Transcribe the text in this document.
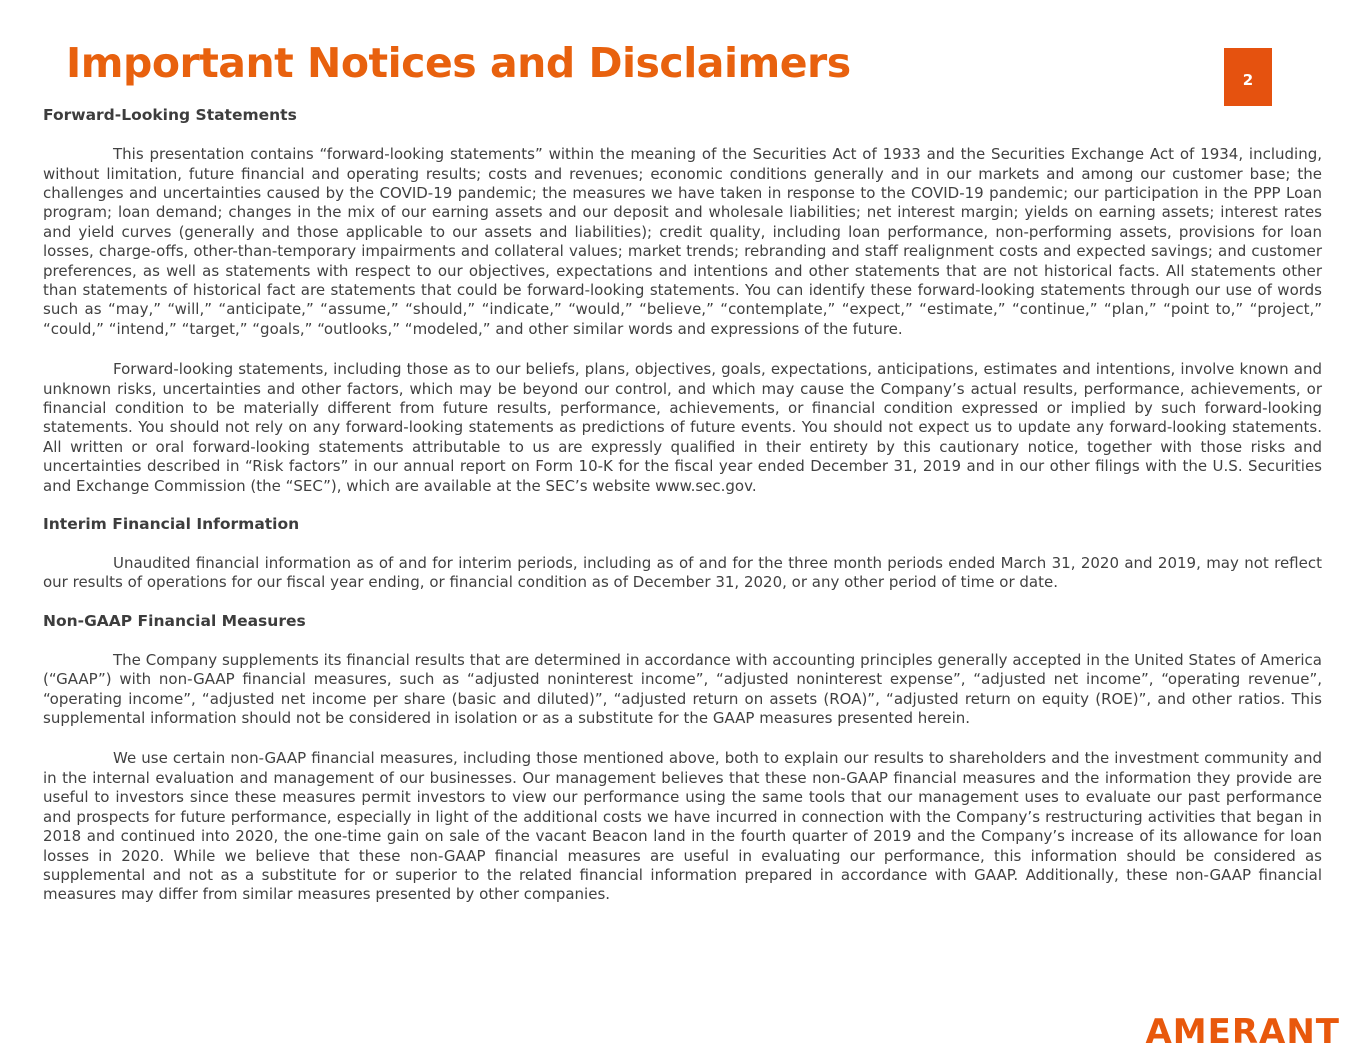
2
Important Notices and Disclaimers
Forward-Looking Statements

This presentation contains “forward-looking statements” within the meaning of the Securities Act of 1933 and the Securities Exchange Act of 1934, including, without limitation, future financial and operating results; costs and revenues; economic conditions generally and in our markets and among our customer base; the challenges and uncertainties caused by the COVID-19 pandemic; the measures we have taken in response to the COVID-19 pandemic; our participation in the PPP Loan program; loan demand; changes in the mix of our earning assets and our deposit and wholesale liabilities; net interest margin; yields on earning assets; interest rates and yield curves (generally and those applicable to our assets and liabilities); credit quality, including loan performance, non-performing assets, provisions for loan losses, charge-offs, other-than-temporary impairments and collateral values; market trends; rebranding and staff realignment costs and expected savings; and customer preferences, as well as statements with respect to our objectives, expectations and intentions and other statements that are not historical facts. All statements other than statements of historical fact are statements that could be forward-looking statements. You can identify these forward-looking statements through our use of words such as “may,” “will,” “anticipate,” “assume,” “should,” “indicate,” “would,” “believe,” “contemplate,” “expect,” “estimate,” “continue,” “plan,” “point to,” “project,” “could,” “intend,” “target,” “goals,” “outlooks,” “modeled,” and other similar words and expressions of the future.

Forward-looking statements, including those as to our beliefs, plans, objectives, goals, expectations, anticipations, estimates and intentions, involve known and unknown risks, uncertainties and other factors, which may be beyond our control, and which may cause the Company’s actual results, performance, achievements, or financial condition to be materially different from future results, performance, achievements, or financial condition expressed or implied by such forward-looking statements. You should not rely on any forward-looking statements as predictions of future events. You should not expect us to update any forward-looking statements. All written or oral forward-looking statements attributable to us are expressly qualified in their entirety by this cautionary notice, together with those risks and uncertainties described in “Risk factors” in our annual report on Form 10-K for the fiscal year ended December 31, 2019 and in our other filings with the U.S. Securities and Exchange Commission (the “SEC”), which are available at the SEC’s website www.sec.gov.

Interim Financial Information

Unaudited financial information as of and for interim periods, including as of and for the three month periods ended March 31, 2020 and 2019, may not reflect our results of operations for our fiscal year ending, or financial condition as of December 31, 2020, or any other period of time or date.

Non-GAAP Financial Measures

The Company supplements its financial results that are determined in accordance with accounting principles generally accepted in the United States of America (“GAAP”) with non-GAAP financial measures, such as “adjusted noninterest income”, “adjusted noninterest expense”, “adjusted net income”, “operating revenue”, “operating income”, “adjusted net income per share (basic and diluted)”, “adjusted return on assets (ROA)”, “adjusted return on equity (ROE)”, and other ratios. This supplemental information should not be considered in isolation or as a substitute for the GAAP measures presented herein.

We use certain non-GAAP financial measures, including those mentioned above, both to explain our results to shareholders and the investment community and in the internal evaluation and management of our businesses. Our management believes that these non-GAAP financial measures and the information they provide are useful to investors since these measures permit investors to view our performance using the same tools that our management uses to evaluate our past performance and prospects for future performance, especially in light of the additional costs we have incurred in connection with the Company’s restructuring activities that began in 2018 and continued into 2020, the one-time gain on sale of the vacant Beacon land in the fourth quarter of 2019 and the Company’s increase of its allowance for loan losses in 2020. While we believe that these non-GAAP financial measures are useful in evaluating our performance, this information should be considered as supplemental and not as a substitute for or superior to the related financial information prepared in accordance with GAAP. Additionally, these non-GAAP financial measures may differ from similar measures presented by other companies.

AMERANT
